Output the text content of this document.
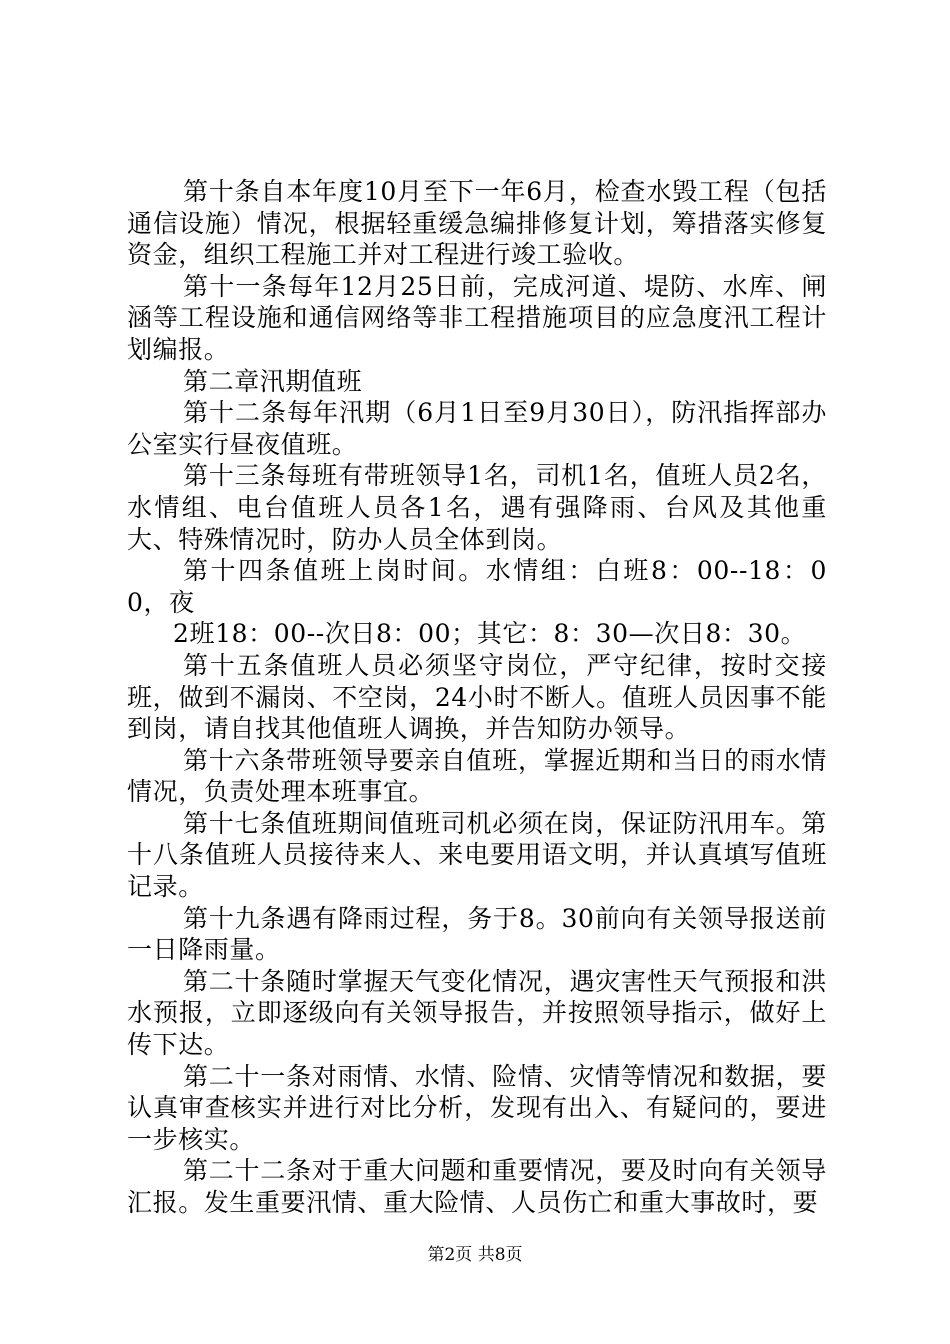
第十条自本年度10月至下一年6月，检查水毁工程（包括通信设施）情况，根据轻重缓急编排修复计划，筹措落实修复资金，组织工程施工并对工程进行竣工验收。

第十一条每年12月25日前，完成河道、堤防、水库、闸涵等工程设施和通信网络等非工程措施项目的应急度汛工程计划编报。

第二章汛期值班

第十二条每年汛期（6月1日至9月30日），防汛指挥部办公室实行昼夜值班。

第十三条每班有带班领导1名，司机1名，值班人员2名，水情组、电台值班人员各1名，遇有强降雨、台风及其他重大、特殊情况时，防办人员全体到岗。

第十四条值班上岗时间。水情组：白班8：00--18：00，夜

2班18：00--次日8：00；其它：8：30—次日8：30。

第十五条值班人员必须坚守岗位，严守纪律，按时交接班，做到不漏岗、不空岗，24小时不断人。值班人员因事不能到岗，请自找其他值班人调换，并告知防办领导。

第十六条带班领导要亲自值班，掌握近期和当日的雨水情情况，负责处理本班事宜。

第十七条值班期间值班司机必须在岗，保证防汛用车。第十八条值班人员接待来人、来电要用语文明，并认真填写值班记录。

第十九条遇有降雨过程，务于8。30前向有关领导报送前一日降雨量。

第二十条随时掌握天气变化情况，遇灾害性天气预报和洪水预报，立即逐级向有关领导报告，并按照领导指示，做好上传下达。

第二十一条对雨情、水情、险情、灾情等情况和数据，要认真审查核实并进行对比分析，发现有出入、有疑问的，要进一步核实。

第二十二条对于重大问题和重要情况，要及时向有关领导汇报。发生重要汛情、重大险情、人员伤亡和重大事故时，要

第2页 共8页
